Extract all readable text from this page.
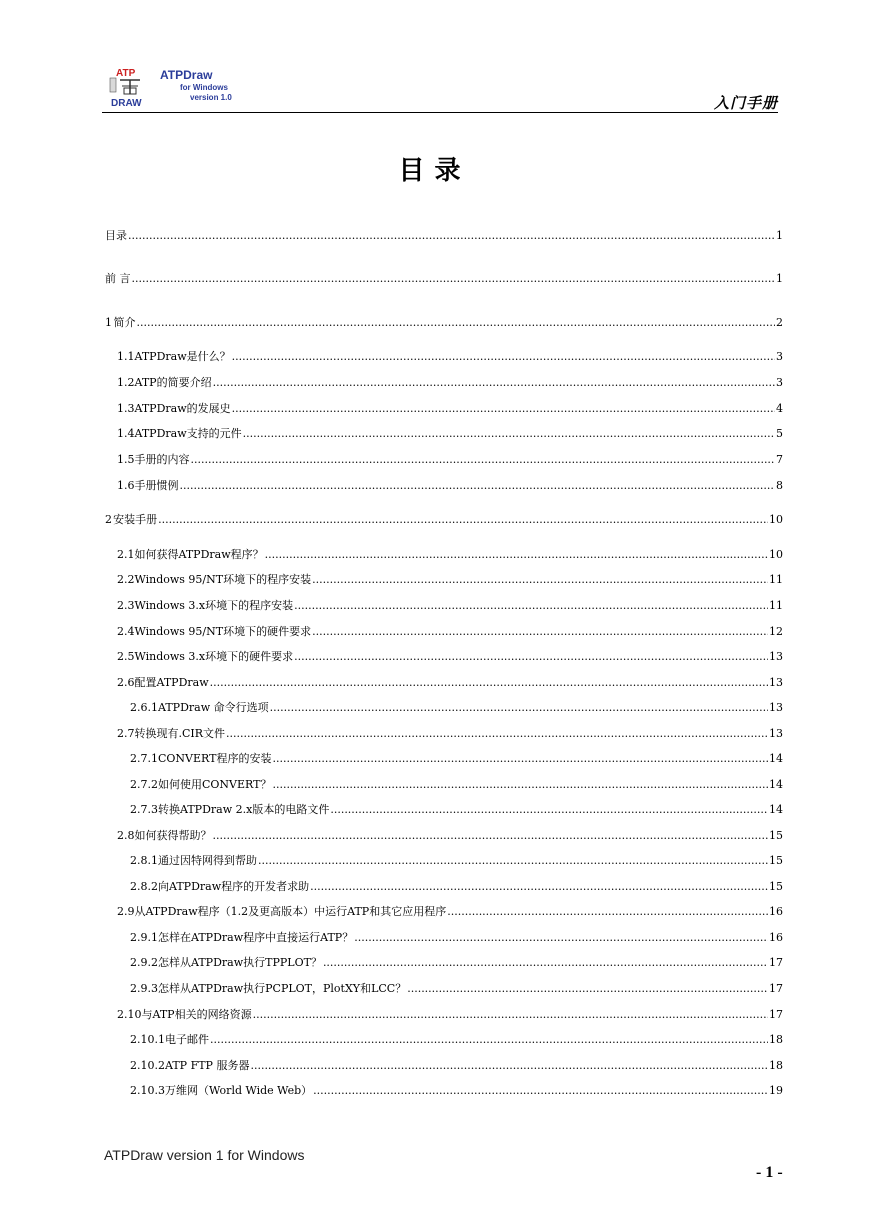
ATP
DRAW
ATPDraw
for Windows
version 1.0	入门手册
目录
目录 .....	1
前 言 .....	1
1 简介 .....	2
1.1 ATPDraw是什么？ .....	3
1.2 ATP的简要介绍 .....	3
1.3 ATPDraw的发展史 .....	4
1.4 ATPDraw支持的元件 .....	5
1.5 手册的内容 .....	7
1.6 手册惯例 .....	8
2 安装手册 .....	10
2.1 如何获得ATPDraw程序？ .....	10
2.2 Windows 95/NT环境下的程序安装 .....	11
2.3 Windows 3.x环境下的程序安装 .....	11
2.4 Windows 95/NT环境下的硬件要求 .....	12
2.5 Windows 3.x环境下的硬件要求 .....	13
2.6 配置ATPDraw .....	13
2.6.1 ATPDraw 命令行选项 .....	13
2.7 转换现有.CIR文件 .....	13
2.7.1 CONVERT程序的安装 .....	14
2.7.2 如何使用CONVERT？ .....	14
2.7.3 转换ATPDraw 2.x版本的电路文件 .....	14
2.8 如何获得帮助？ .....	15
2.8.1 通过因特网得到帮助 .....	15
2.8.2 向ATPDraw程序的开发者求助 .....	15
2.9 从ATPDraw程序（1.2及更高版本）中运行ATP和其它应用程序 .....	16
2.9.1 怎样在ATPDraw程序中直接运行ATP？ .....	16
2.9.2 怎样从ATPDraw执行TPPLOT？ .....	17
2.9.3 怎样从ATPDraw执行PCPLOT，PlotXY和LCC？ .....	17
2.10 与ATP相关的网络资源 .....	17
2.10.1 电子邮件 .....	18
2.10.2 ATP FTP 服务器 .....	18
2.10.3 万维网（World Wide Web） .....	19
ATPDraw version 1 for Windows
- 1 -
